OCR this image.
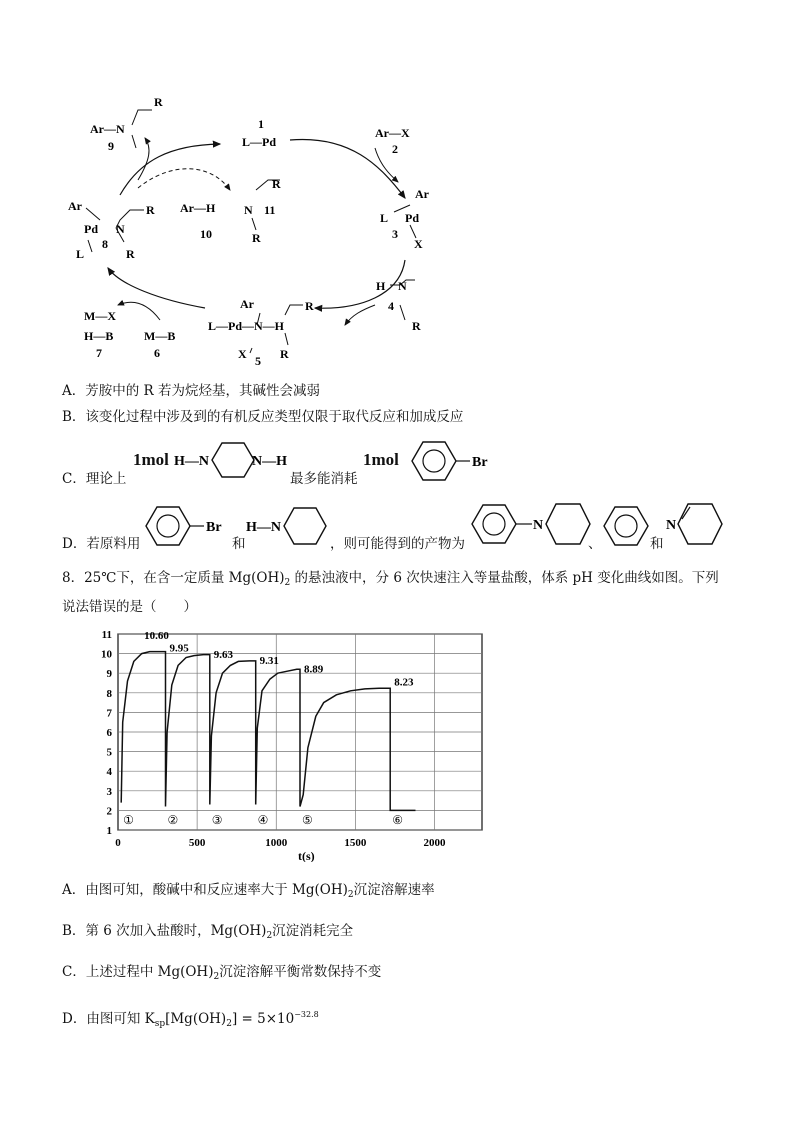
Ar—N
R
9
1
L—Pd
Ar—X
2
Ar
L Pd
3
X
H N
4
R
Ar	R
L—Pd—N—H
X 5 R
M—B
6
M—X
H—B
7
Ar	R
Pd N
8
L	R
Ar—H
10
R
N 11
R
A．芳胺中的 R 若为烷烃基，其碱性会减弱
B．该变化过程中涉及到的有机反应类型仅限于取代反应和加成反应
C．理论上
1mol H—N	N—H
最多能消耗
1mol	Br
D．若原料用
Br
和
H—N
，则可能得到的产物为
N
、	和
N
8．25℃下，在含一定质量 $Mg(OH)_2$ 的悬浊液中，分 6 次快速注入等量盐酸，体系 pH 变化曲线如图。下列
说法错误的是（　　）
1
2
3
4
5
6
7
8
9
10
11
0	500	1000	1500	2000
10.60
9.95
9.63
9.31
8.89
8.23
①	②	③	④	⑤	⑥
t(s)
A．由图可知，酸碱中和反应速率大于 $Mg(OH)_2$沉淀溶解速率
B．第 6 次加入盐酸时，$Mg(OH)_2$沉淀消耗完全
C．上述过程中 $Mg(OH)_2$沉淀溶解平衡常数保持不变
D．由图可知 $K_{sp}[Mg(OH)_2] = 5\times 10^{-32.8}$
